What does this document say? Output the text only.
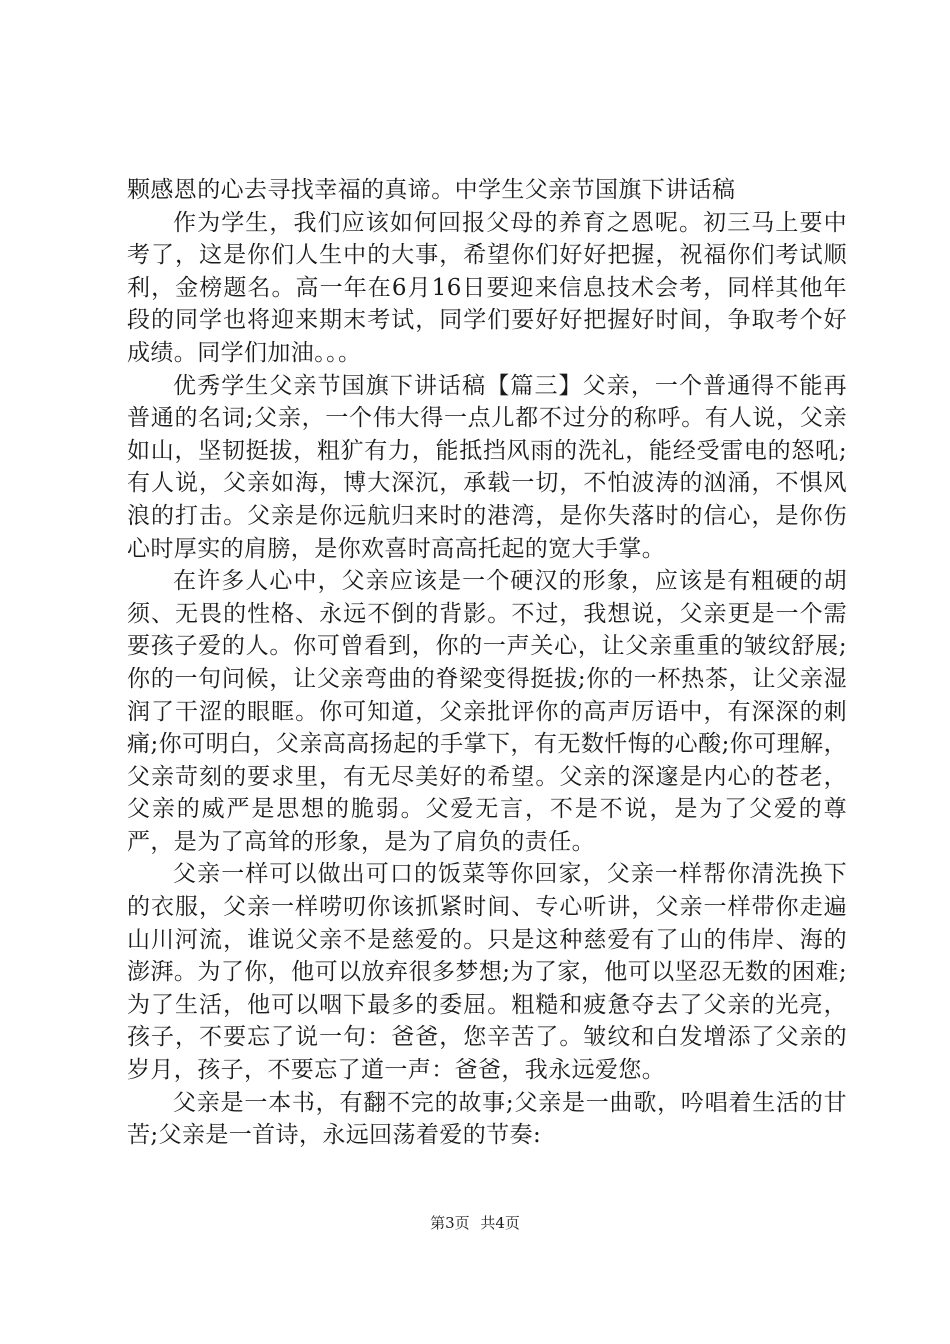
颗感恩的心去寻找幸福的真谛。中学生父亲节国旗下讲话稿

作为学生，我们应该如何回报父母的养育之恩呢。初三马上要中考了，这是你们人生中的大事，希望你们好好把握，祝福你们考试顺利，金榜题名。高一年在6月16日要迎来信息技术会考，同样其他年段的同学也将迎来期末考试，同学们要好好把握好时间，争取考个好成绩。同学们加油。。。

优秀学生父亲节国旗下讲话稿【篇三】父亲，一个普通得不能再普通的名词;父亲，一个伟大得一点儿都不过分的称呼。有人说，父亲如山，坚韧挺拔，粗犷有力，能抵挡风雨的洗礼，能经受雷电的怒吼;有人说，父亲如海，博大深沉，承载一切，不怕波涛的汹涌，不惧风浪的打击。父亲是你远航归来时的港湾，是你失落时的信心，是你伤心时厚实的肩膀，是你欢喜时高高托起的宽大手掌。

在许多人心中，父亲应该是一个硬汉的形象，应该是有粗硬的胡须、无畏的性格、永远不倒的背影。不过，我想说，父亲更是一个需要孩子爱的人。你可曾看到，你的一声关心，让父亲重重的皱纹舒展;你的一句问候，让父亲弯曲的脊梁变得挺拔;你的一杯热茶，让父亲湿润了干涩的眼眶。你可知道，父亲批评你的高声厉语中，有深深的刺痛;你可明白，父亲高高扬起的手掌下，有无数忏悔的心酸;你可理解，父亲苛刻的要求里，有无尽美好的希望。父亲的深邃是内心的苍老，父亲的威严是思想的脆弱。父爱无言，不是不说，是为了父爱的尊严，是为了高耸的形象，是为了肩负的责任。

父亲一样可以做出可口的饭菜等你回家，父亲一样帮你清洗换下的衣服，父亲一样唠叨你该抓紧时间、专心听讲，父亲一样带你走遍山川河流，谁说父亲不是慈爱的。只是这种慈爱有了山的伟岸、海的澎湃。为了你，他可以放弃很多梦想;为了家，他可以坚忍无数的困难;为了生活，他可以咽下最多的委屈。粗糙和疲惫夺去了父亲的光亮，孩子，不要忘了说一句：爸爸，您辛苦了。皱纹和白发增添了父亲的岁月，孩子，不要忘了道一声：爸爸，我永远爱您。

父亲是一本书，有翻不完的故事;父亲是一曲歌，吟唱着生活的甘苦;父亲是一首诗，永远回荡着爱的节奏:

第3页 共4页
